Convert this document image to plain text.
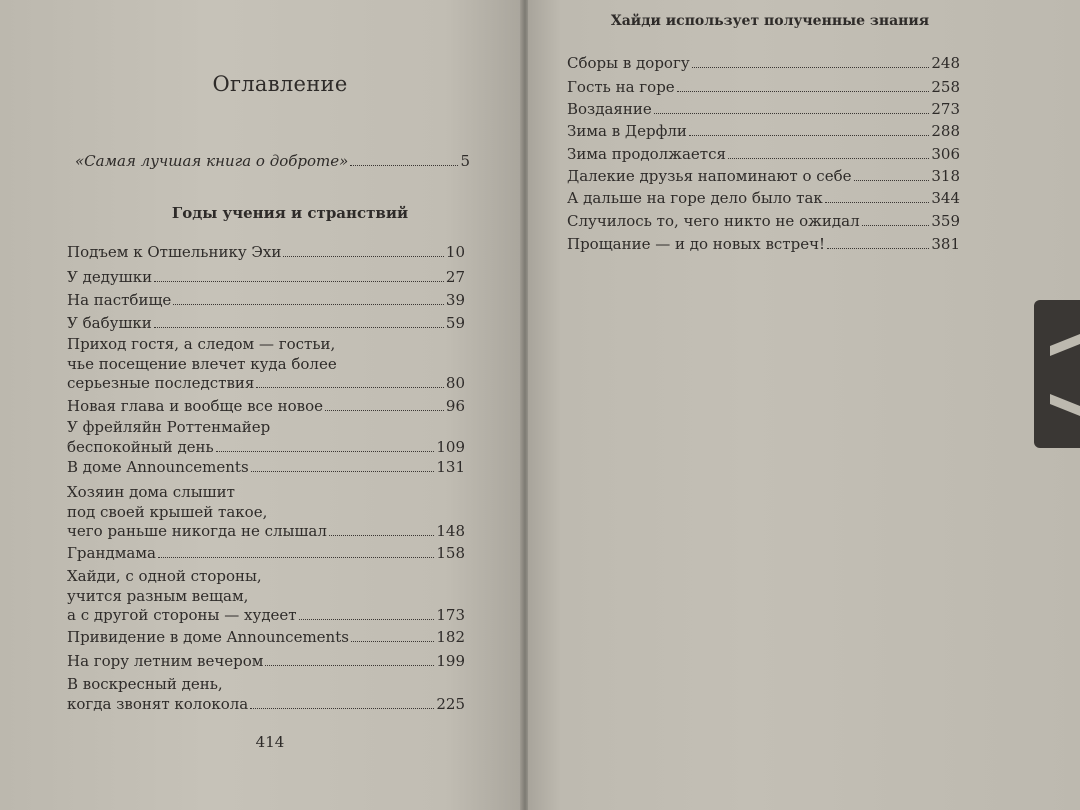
Оглавление
«Самая лучшая книга о доброте»	5
Годы учения и странствий
Подъем к Отшельнику Эхи	10
У дедушки	27
На пастбище	39
У бабушки	59
Приход гостя, а следом — гостьи,
чье посещение влечет куда более
серьезные последствия	80
Новая глава и вообще все новое	96
У фрейляйн Роттенмайер
беспокойный день	109
В доме Announcements	131
Хозяин дома слышит
под своей крышей такое,
чего раньше никогда не слышал	148
Грандмама	158
Хайди, с одной стороны,
учится разным вещам,
а с другой стороны — худеет	173
Привидение в доме Announcements	182
На гору летним вечером	199
В воскресный день,
когда звонят колокола	225
414
Хайди использует полученные знания
Сборы в дорогу	248
Гость на горе	258
Воздаяние	273
Зима в Дерфли	288
Зима продолжается	306
Далекие друзья напоминают о себе	318
А дальше на горе дело было так	344
Случилось то, чего никто не ожидал	359
Прощание — и до новых встреч!	381
